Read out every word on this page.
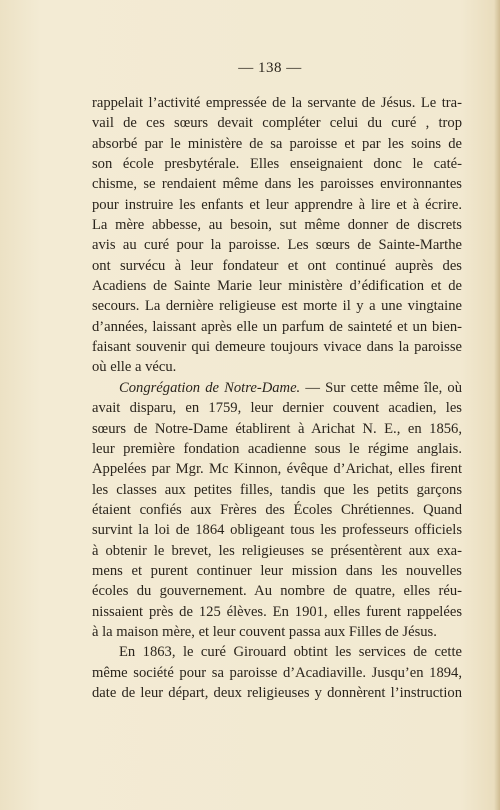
— 138 —
rappelait l’activité empressée de la servante de Jésus. Le tra-
vail de ces sœurs devait compléter celui du curé , trop
absorbé par le ministère de sa paroisse et par les soins de
son école presbytérale. Elles enseignaient donc le caté-
chisme, se rendaient même dans les paroisses environnantes
pour instruire les enfants et leur apprendre à lire et à écrire.
La mère abbesse, au besoin, sut même donner de discrets
avis au curé pour la paroisse. Les sœurs de Sainte-Marthe
ont survécu à leur fondateur et ont continué auprès des
Acadiens de Sainte Marie leur ministère d’édification et de
secours. La dernière religieuse est morte il y a une vingtaine
d’années, laissant après elle un parfum de sainteté et un bien-
faisant souvenir qui demeure toujours vivace dans la paroisse
où elle a vécu.
Congrégation de Notre-Dame. — Sur cette même île, où
avait disparu, en 1759, leur dernier couvent acadien, les
sœurs de Notre-Dame établirent à Arichat N. E., en 1856,
leur première fondation acadienne sous le régime anglais.
Appelées par Mgr. Mc Kinnon, évêque d’Arichat, elles firent
les classes aux petites filles, tandis que les petits garçons
étaient confiés aux Frères des Écoles Chrétiennes. Quand
survint la loi de 1864 obligeant tous les professeurs officiels
à obtenir le brevet, les religieuses se présentèrent aux exa-
mens et purent continuer leur mission dans les nouvelles
écoles du gouvernement. Au nombre de quatre, elles réu-
nissaient près de 125 élèves. En 1901, elles furent rappelées
à la maison mère, et leur couvent passa aux Filles de Jésus.
En 1863, le curé Girouard obtint les services de cette
même société pour sa paroisse d’Acadiaville. Jusqu’en 1894,
date de leur départ, deux religieuses y donnèrent l’instruction
